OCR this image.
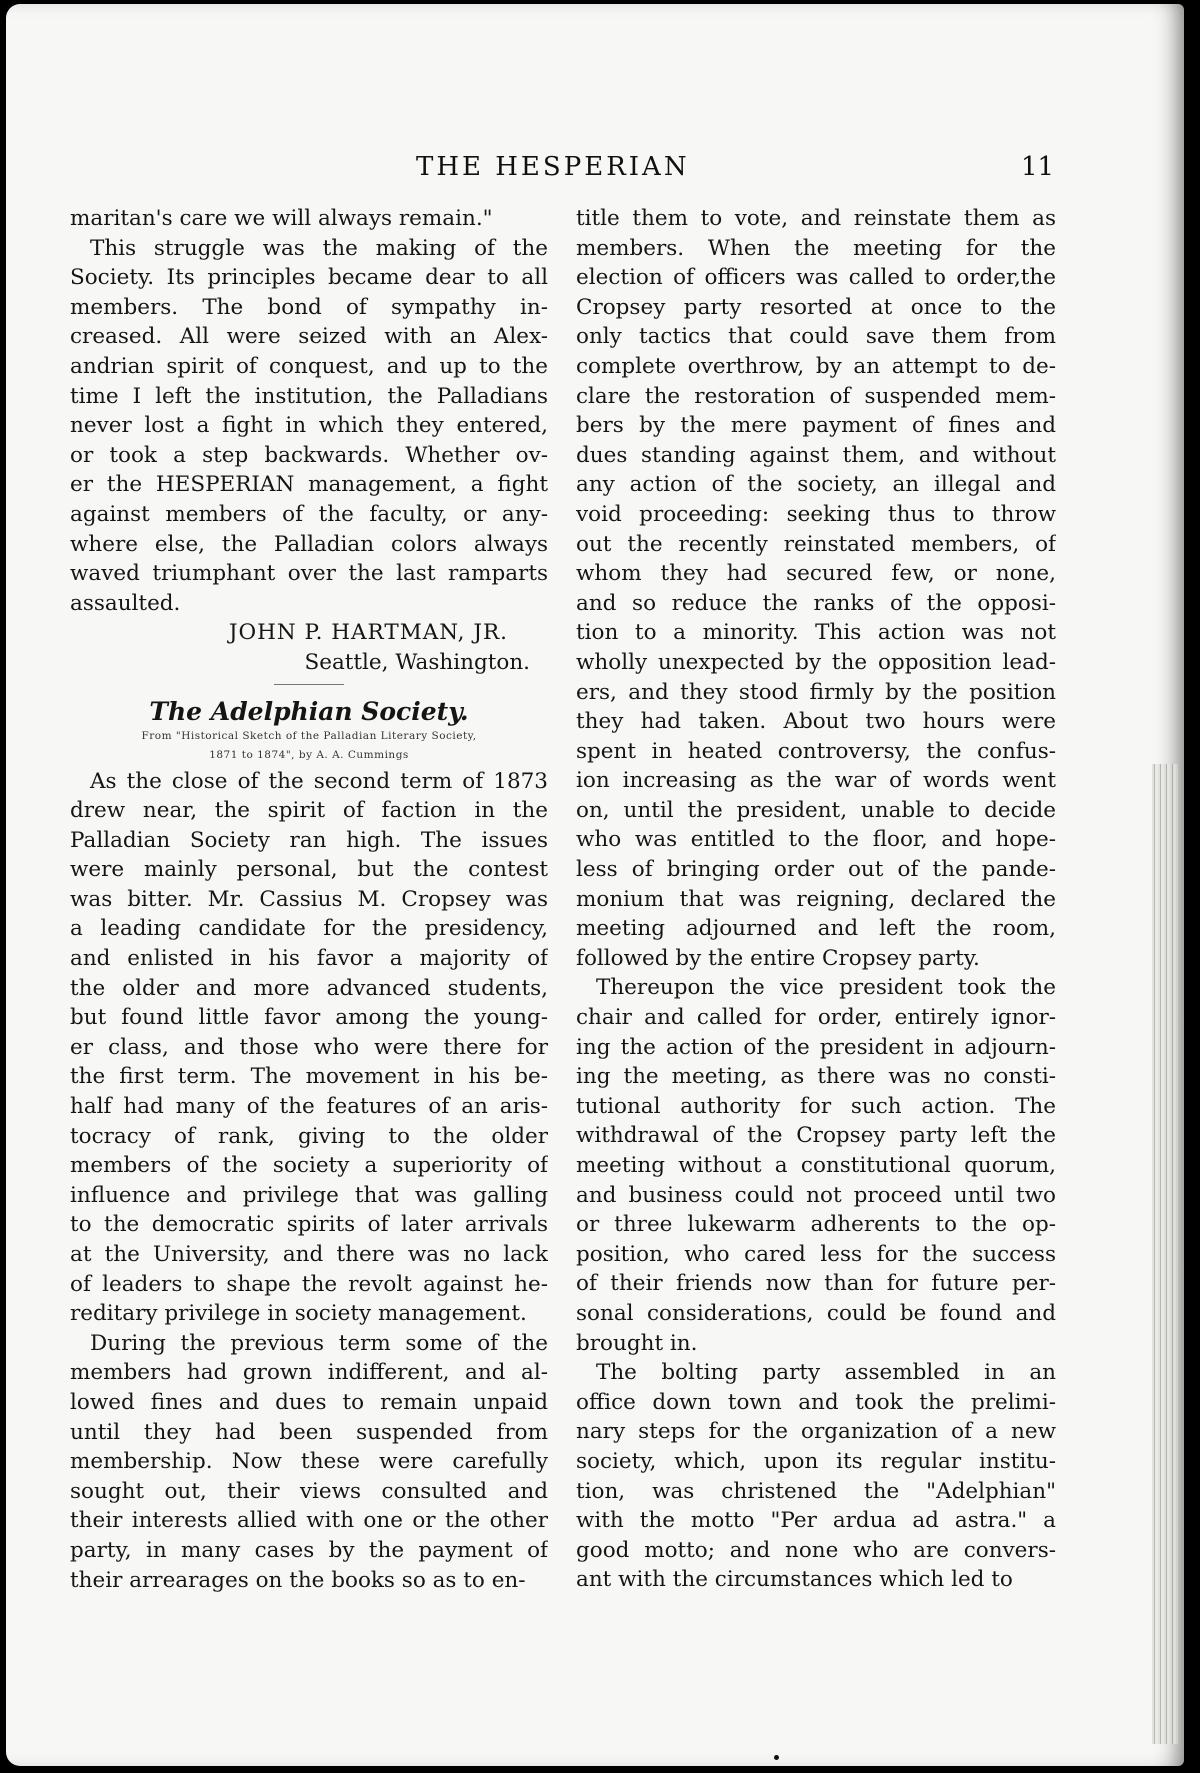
THE HESPERIAN	11
maritan's care we will always remain."
This struggle was the making of the
Society. Its principles became dear to all
members. The bond of sympathy in-
creased. All were seized with an Alex-
andrian spirit of conquest, and up to the
time I left the institution, the Palladians
never lost a fight in which they entered,
or took a step backwards. Whether ov-
er the HESPERIAN management, a fight
against members of the faculty, or any-
where else, the Palladian colors always
waved triumphant over the last ramparts
assaulted.
JOHN P. HARTMAN, JR.
Seattle, Washington.
The Adelphian Society.
From "Historical Sketch of the Palladian Literary Society,
1871 to 1874", by A. A. Cummings
As the close of the second term of 1873
drew near, the spirit of faction in the
Palladian Society ran high. The issues
were mainly personal, but the contest
was bitter. Mr. Cassius M. Cropsey was
a leading candidate for the presidency,
and enlisted in his favor a majority of
the older and more advanced students,
but found little favor among the young-
er class, and those who were there for
the first term. The movement in his be-
half had many of the features of an aris-
tocracy of rank, giving to the older
members of the society a superiority of
influence and privilege that was galling
to the democratic spirits of later arrivals
at the University, and there was no lack
of leaders to shape the revolt against he-
reditary privilege in society management.
During the previous term some of the
members had grown indifferent, and al-
lowed fines and dues to remain unpaid
until they had been suspended from
membership. Now these were carefully
sought out, their views consulted and
their interests allied with one or the other
party, in many cases by the payment of
their arrearages on the books so as to en-
title them to vote, and reinstate them as
members. When the meeting for the
election of officers was called to order,the
Cropsey party resorted at once to the
only tactics that could save them from
complete overthrow, by an attempt to de-
clare the restoration of suspended mem-
bers by the mere payment of fines and
dues standing against them, and without
any action of the society, an illegal and
void proceeding: seeking thus to throw
out the recently reinstated members, of
whom they had secured few, or none,
and so reduce the ranks of the opposi-
tion to a minority. This action was not
wholly unexpected by the opposition lead-
ers, and they stood firmly by the position
they had taken. About two hours were
spent in heated controversy, the confus-
ion increasing as the war of words went
on, until the president, unable to decide
who was entitled to the floor, and hope-
less of bringing order out of the pande-
monium that was reigning, declared the
meeting adjourned and left the room,
followed by the entire Cropsey party.
Thereupon the vice president took the
chair and called for order, entirely ignor-
ing the action of the president in adjourn-
ing the meeting, as there was no consti-
tutional authority for such action. The
withdrawal of the Cropsey party left the
meeting without a constitutional quorum,
and business could not proceed until two
or three lukewarm adherents to the op-
position, who cared less for the success
of their friends now than for future per-
sonal considerations, could be found and
brought in.
The bolting party assembled in an
office down town and took the prelimi-
nary steps for the organization of a new
society, which, upon its regular institu-
tion, was christened the "Adelphian"
with the motto "Per ardua ad astra." a
good motto; and none who are convers-
ant with the circumstances which led to
